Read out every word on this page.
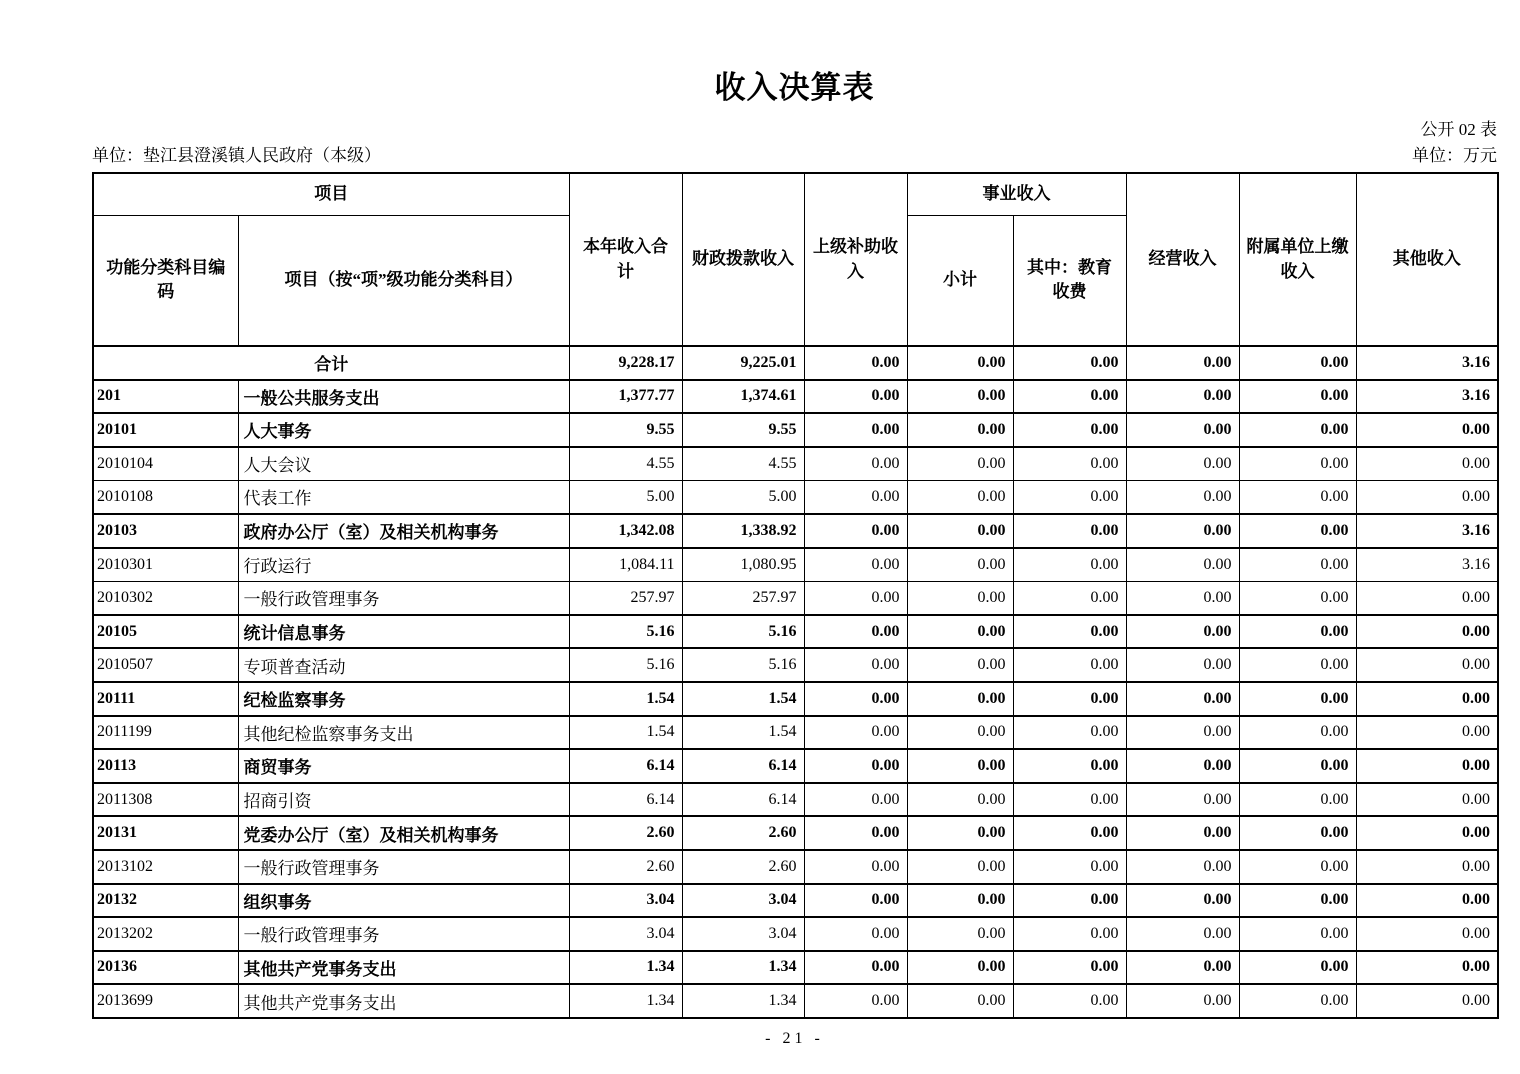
收入决算表
公开 02 表
单位：垫江县澄溪镇人民政府（本级）	单位：万元
项目		本年收入合计	财政拨款收入	上级补助收入	事业收入		经营收入	附属单位上缴收入	其他收入
功能分类科目编码	项目（按“项”级功能分类科目）				小计	其中：教育收费			
合计		9,228.17	9,225.01	0.00	0.00	0.00	0.00	0.00	3.16
201	一般公共服务支出	1,377.77	1,374.61	0.00	0.00	0.00	0.00	0.00	3.16
20101	人大事务	9.55	9.55	0.00	0.00	0.00	0.00	0.00	0.00
2010104	人大会议	4.55	4.55	0.00	0.00	0.00	0.00	0.00	0.00
2010108	代表工作	5.00	5.00	0.00	0.00	0.00	0.00	0.00	0.00
20103	政府办公厅（室）及相关机构事务	1,342.08	1,338.92	0.00	0.00	0.00	0.00	0.00	3.16
2010301	行政运行	1,084.11	1,080.95	0.00	0.00	0.00	0.00	0.00	3.16
2010302	一般行政管理事务	257.97	257.97	0.00	0.00	0.00	0.00	0.00	0.00
20105	统计信息事务	5.16	5.16	0.00	0.00	0.00	0.00	0.00	0.00
2010507	专项普查活动	5.16	5.16	0.00	0.00	0.00	0.00	0.00	0.00
20111	纪检监察事务	1.54	1.54	0.00	0.00	0.00	0.00	0.00	0.00
2011199	其他纪检监察事务支出	1.54	1.54	0.00	0.00	0.00	0.00	0.00	0.00
20113	商贸事务	6.14	6.14	0.00	0.00	0.00	0.00	0.00	0.00
2011308	招商引资	6.14	6.14	0.00	0.00	0.00	0.00	0.00	0.00
20131	党委办公厅（室）及相关机构事务	2.60	2.60	0.00	0.00	0.00	0.00	0.00	0.00
2013102	一般行政管理事务	2.60	2.60	0.00	0.00	0.00	0.00	0.00	0.00
20132	组织事务	3.04	3.04	0.00	0.00	0.00	0.00	0.00	0.00
2013202	一般行政管理事务	3.04	3.04	0.00	0.00	0.00	0.00	0.00	0.00
20136	其他共产党事务支出	1.34	1.34	0.00	0.00	0.00	0.00	0.00	0.00
2013699	其他共产党事务支出	1.34	1.34	0.00	0.00	0.00	0.00	0.00	0.00
- 21 -
